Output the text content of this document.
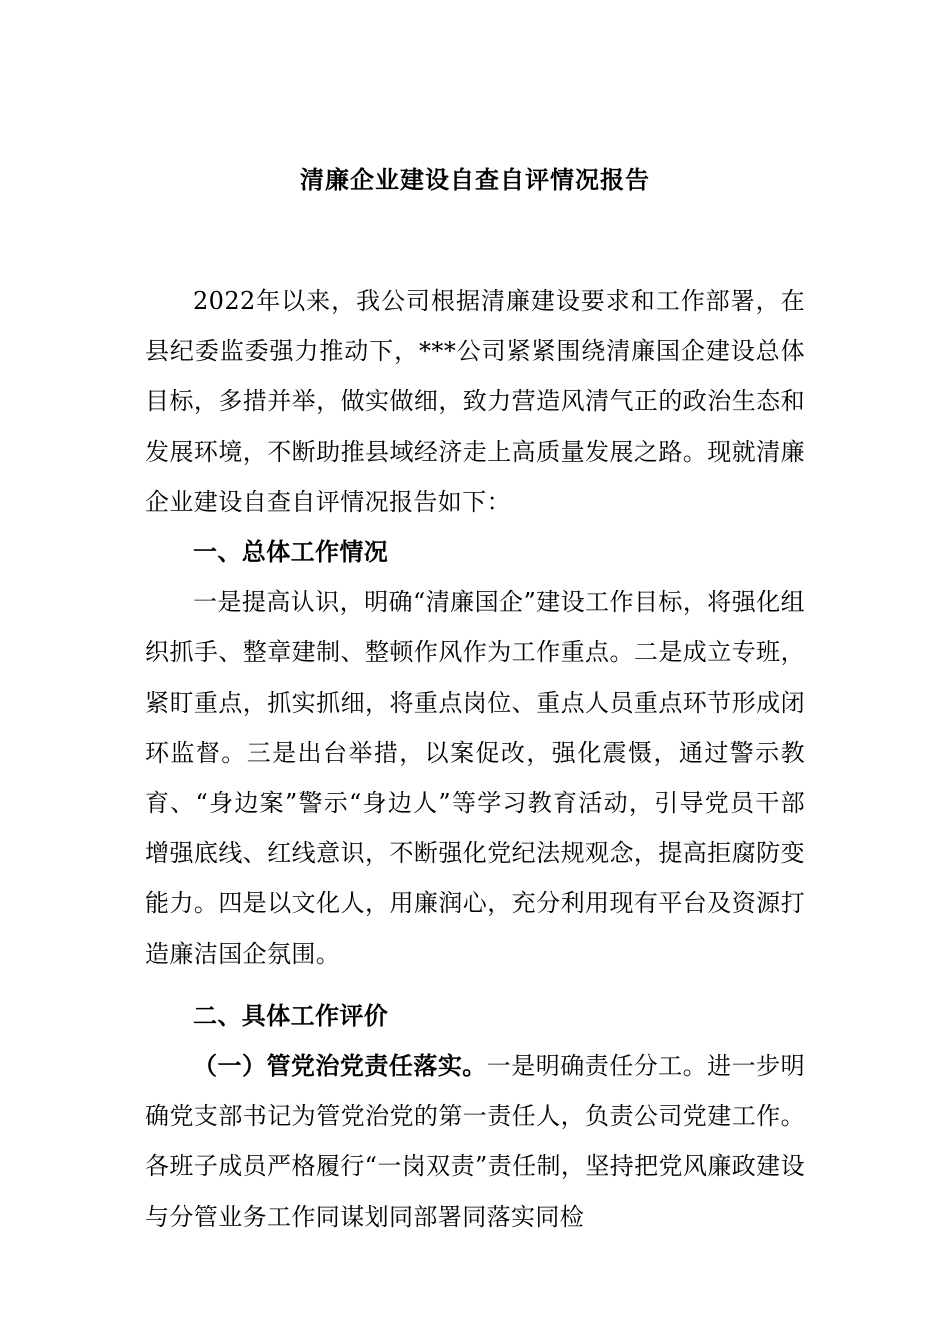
清廉企业建设自查自评情况报告

2022年以来，我公司根据清廉建设要求和工作部署，在县纪委监委强力推动下，***公司紧紧围绕清廉国企建设总体目标，多措并举，做实做细，致力营造风清气正的政治生态和发展环境，不断助推县域经济走上高质量发展之路。现就清廉企业建设自查自评情况报告如下：

一、总体工作情况

一是提高认识，明确“清廉国企”建设工作目标，将强化组织抓手、整章建制、整顿作风作为工作重点。二是成立专班，紧盯重点，抓实抓细，将重点岗位、重点人员重点环节形成闭环监督。三是出台举措，以案促改，强化震慑，通过警示教育、“身边案”警示“身边人”等学习教育活动，引导党员干部增强底线、红线意识，不断强化党纪法规观念，提高拒腐防变能力。四是以文化人，用廉润心，充分利用现有平台及资源打造廉洁国企氛围。

二、具体工作评价

（一）管党治党责任落实。一是明确责任分工。进一步明确党支部书记为管党治党的第一责任人，负责公司党建工作。各班子成员严格履行“一岗双责”责任制，坚持把党风廉政建设与分管业务工作同谋划同部署同落实同检
